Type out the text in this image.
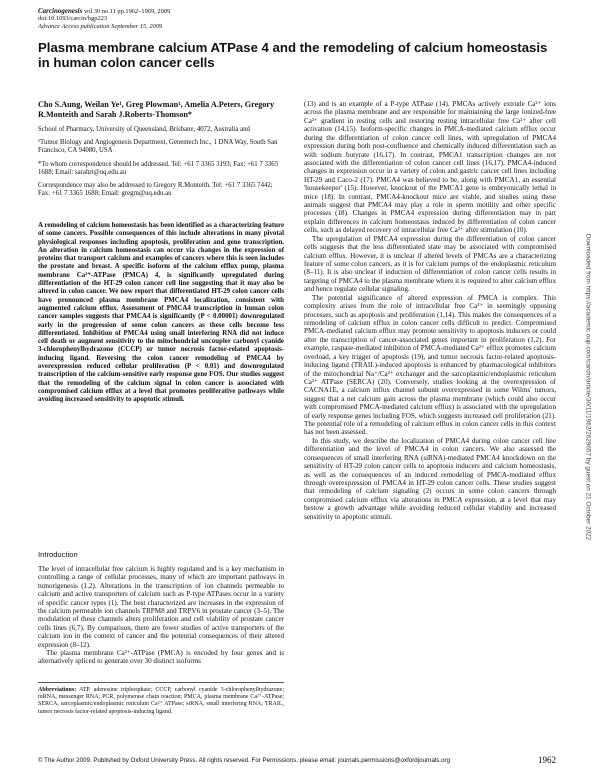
Carcinogenesis vol.30 no.11 pp.1962–1969, 2009
doi:10.1093/carcin/bgp223
Advance Access publication September 15, 2009
Plasma membrane calcium ATPase 4 and the remodeling of calcium homeostasis in human colon cancer cells
Cho S.Aung, Weilan Ye¹, Greg Plowman¹, Amelia A.Peters, Gregory R.Monteith and Sarah J.Roberts-Thomson*
School of Pharmacy, University of Queensland, Brisbane, 4072, Australia and
¹Tumor Biology and Angiogenesis Department, Genentech Inc., 1 DNA Way, South San Francisco, CA 94080, USA
*To whom correspondence should be addressed. Tel: +61 7 3365 3193; Fax: +61 7 3365 1688; Email: sarahrt@uq.edu.au
Correspondence may also be addressed to Gregory R.Monteith. Tel: +61 7 3365 7442; Fax: +61 7 3365 1688; Email: gregm@uq.edu.au

A remodeling of calcium homeostasis has been identified as a characterizing feature of some cancers. Possible consequences of this include alterations in many pivotal physiological responses including apoptosis, proliferation and gene transcription. An alteration in calcium homeostasis can occur via changes in the expression of proteins that transport calcium and examples of cancers where this is seen includes the prostate and breast. A specific isoform of the calcium efflux pump, plasma membrane Ca²⁺-ATPase (PMCA) 4, is significantly upregulated during differentiation of the HT-29 colon cancer cell line suggesting that it may also be altered in colon cancer. We now report that differentiated HT-29 colon cancer cells have pronounced plasma membrane PMCA4 localization, consistent with augmented calcium efflux. Assessment of PMCA4 transcription in human colon cancer samples suggests that PMCA4 is significantly (P < 0.00001) downregulated early in the progression of some colon cancers as these cells become less differentiated. Inhibition of PMCA4 using small interfering RNA did not induce cell death or augment sensitivity to the mitochondrial uncoupler carbonyl cyanide 3-chlorophenylhydrazone (CCCP) or tumor necrosis factor-related apoptosis-inducing ligand. Reversing the colon cancer remodeling of PMCA4 by overexpression reduced cellular proliferation (P < 0.01) and downregulated transcription of the calcium-sensitive early response gene FOS. Our studies suggest that the remodeling of the calcium signal in colon cancer is associated with compromised calcium efflux at a level that promotes proliferative pathways while avoiding increased sensitivity to apoptotic stimuli.

Introduction

The level of intracellular free calcium is highly regulated and is a key mechanism in controlling a range of cellular processes, many of which are important pathways in tumorigenesis (1,2). Alterations in the transcription of ion channels permeable to calcium and active transporters of calcium such as P-type ATPases occur in a variety of specific cancer types (1). The best characterized are increases in the expression of the calcium permeable ion channels TRPM8 and TRPV6 in prostate cancer (3–5). The modulation of these channels alters proliferation and cell viability of prostate cancer cells lines (6,7). By comparison, there are fewer studies of active transporters of the calcium ion in the context of cancer and the potential consequences of their altered expression (8–12).

The plasma membrane Ca²⁺-ATPase (PMCA) is encoded by four genes and is alternatively spliced to generate over 30 distinct isoforms

Abbreviations: ATP, adenosine triphosphate; CCCP, carbonyl cyanide 3-chlorophenylhydrazone; mRNA, messenger RNA; PCR, polymerase chain reaction; PMCA, plasma membrane Ca²⁺-ATPase; SERCA, sarcoplasmic/endoplasmic reticulum Ca²⁺ ATPase; siRNA, small interfering RNA; TRAIL, tumor necrosis factor-related apoptosis-inducing ligand.

(13) and is an example of a P-type ATPase (14). PMCAs actively extrude Ca²⁺ ions across the plasma membrane and are responsible for maintaining the large ionized-free Ca²⁺ gradient in resting cells and restoring resting intracellular free Ca²⁺ after cell activation (14,15). Isoform-specific changes in PMCA-mediated calcium efflux occur during the differentiation of colon cancer cell lines, with upregulation of PMCA4 expression during both post-confluence and chemically induced differentiation such as with sodium butyrate (16,17). In contrast, PMCA1 transcription changes are not associated with the differentiation of colon cancer cell lines (16,17). PMCA4-induced changes in expression occur in a variety of colon and gastric cancer cell lines including HT-29 and Caco-2 (17). PMCA4 was believed to be, along with PMCA1, an essential 'housekeeper' (15). However, knockout of the PMCA1 gene is embryonically lethal in mice (18). In contrast, PMCA4-knockout mice are viable, and studies using these animals suggest that PMCA4 may play a role in sperm motility and other specific processes (18). Changes in PMCA4 expression during differentiation may in part explain differences in calcium homeostasis induced by differentiation of colon cancer cells, such as delayed recovery of intracellular free Ca²⁺ after stimulation (10).

The upregulation of PMCA4 expression during the differentiation of colon cancer cells suggests that the less differentiated state may be associated with compromised calcium efflux. However, it is unclear if altered levels of PMCAs are a characterizing feature of some colon cancers, as it is for calcium pumps of the endoplasmic reticulum (8–11). It is also unclear if induction of differentiation of colon cancer cells results in targeting of PMCA4 to the plasma membrane where it is required to alter calcium efflux and hence regulate cellular signaling.

The potential significance of altered expression of PMCA is complex. This complexity arises from the role of intracellular free Ca²⁺ in seemingly opposing processes, such as apoptosis and proliferation (1,14). This makes the consequences of a remodeling of calcium efflux in colon cancer cells difficult to predict. Compromised PMCA-mediated calcium efflux may promote sensitivity to apoptosis inducers or could alter the transcription of cancer-associated genes important in proliferation (1,2). For example, caspase-mediated inhibition of PMCA-mediated Ca²⁺ efflux promotes calcium overload, a key trigger of apoptosis (19), and tumor necrosis factor-related apoptosis-inducing ligand (TRAIL)-induced apoptosis is enhanced by pharmacological inhibitors of the mitochondrial Na⁺/Ca²⁺ exchanger and the sarcoplasmic/endoplasmic reticulum Ca²⁺ ATPase (SERCA) (20). Conversely, studies looking at the overexpression of CACNA1E, a calcium influx channel subunit overexpressed in some Wilms' tumors, suggest that a net calcium gain across the plasma membrane (which could also occur with compromised PMCA-mediated calcium efflux) is associated with the upregulation of early response genes including FOS, which suggests increased cell proliferation (21). The potential role of a remodeling of calcium efflux in colon cancer cells in this context has not been assessed.

In this study, we describe the localization of PMCA4 during colon cancer cell line differentiation and the level of PMCA4 in colon cancers. We also assessed the consequences of small interfering RNA (siRNA)-mediated PMCA4 knockdown on the sensitivity of HT-29 colon cancer cells to apoptosis inducers and calcium homeostasis, as well as the consequences of an induced remodeling of PMCA-mediated efflux through overexpression of PMCA4 in HT-29 colon cancer cells. These studies suggest that remodeling of calcium signaling (2) occurs in some colon cancers through compromised calcium efflux via alterations in PMCA expression, at a level that may bestow a growth advantage while avoiding reduced cellular viability and increased sensitivity to apoptotic stimuli.

© The Author 2009. Published by Oxford University Press. All rights reserved. For Permissions, please email: journals.permissions@oxfordjournals.org	1962
Downloaded from https://academic.oup.com/carcin/article/30/11/1962/2629657 by guest on 21 October 2022
